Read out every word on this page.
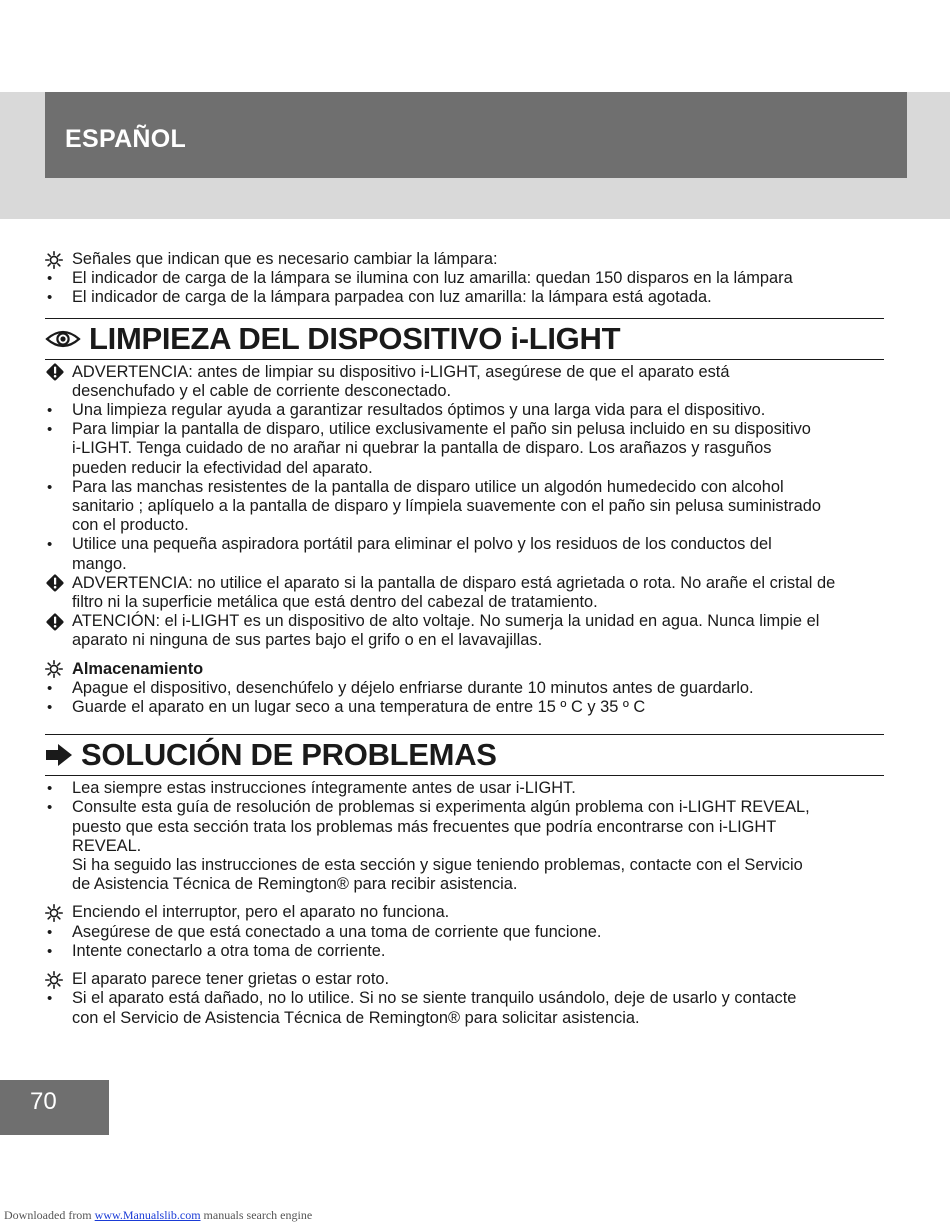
ESPAÑOL
Señales que indican que es necesario cambiar la lámpara:
•	El indicador de carga de la lámpara se ilumina con luz amarilla: quedan 150 disparos en la lámpara
•	El indicador de carga de la lámpara parpadea con luz amarilla: la lámpara está agotada.
LIMPIEZA DEL DISPOSITIVO i-LIGHT
ADVERTENCIA: antes de limpiar su dispositivo i-LIGHT, asegúrese de que el aparato está
desenchufado y el cable de corriente desconectado.
•	Una limpieza regular ayuda a garantizar resultados óptimos y una larga vida para el dispositivo.
•	Para limpiar la pantalla de disparo, utilice exclusivamente el paño sin pelusa incluido en su dispositivo
i-LIGHT. Tenga cuidado de no arañar ni quebrar la pantalla de disparo. Los arañazos y rasguños
pueden reducir la efectividad del aparato.
•	Para las manchas resistentes de la pantalla de disparo utilice un algodón humedecido con alcohol
sanitario ; aplíquelo a la pantalla de disparo y límpiela suavemente con el paño sin pelusa suministrado
con el producto.
•	Utilice una pequeña aspiradora portátil para eliminar el polvo y los residuos de los conductos del
mango.
ADVERTENCIA: no utilice el aparato si la pantalla de disparo está agrietada o rota. No arañe el cristal de
filtro ni la superficie metálica que está dentro del cabezal de tratamiento.
ATENCIÓN: el i-LIGHT es un dispositivo de alto voltaje. No sumerja la unidad en agua. Nunca limpie el
aparato ni ninguna de sus partes bajo el grifo o en el lavavajillas.
Almacenamiento
•	Apague el dispositivo, desenchúfelo y déjelo enfriarse durante 10 minutos antes de guardarlo.
•	Guarde el aparato en un lugar seco a una temperatura de entre 15 º C y 35 º C
SOLUCIÓN DE PROBLEMAS
•	Lea siempre estas instrucciones íntegramente antes de usar i-LIGHT.
•	Consulte esta guía de resolución de problemas si experimenta algún problema con i-LIGHT REVEAL,
puesto que esta sección trata los problemas más frecuentes que podría encontrarse con i-LIGHT
REVEAL.
Si ha seguido las instrucciones de esta sección y sigue teniendo problemas, contacte con el Servicio
de Asistencia Técnica de Remington® para recibir asistencia.
Enciendo el interruptor, pero el aparato no funciona.
•	Asegúrese de que está conectado a una toma de corriente que funcione.
•	Intente conectarlo a otra toma de corriente.
El aparato parece tener grietas o estar roto.
•	Si el aparato está dañado, no lo utilice. Si no se siente tranquilo usándolo, deje de usarlo y contacte
con el Servicio de Asistencia Técnica de Remington® para solicitar asistencia.
70
Downloaded from www.Manualslib.com manuals search engine
